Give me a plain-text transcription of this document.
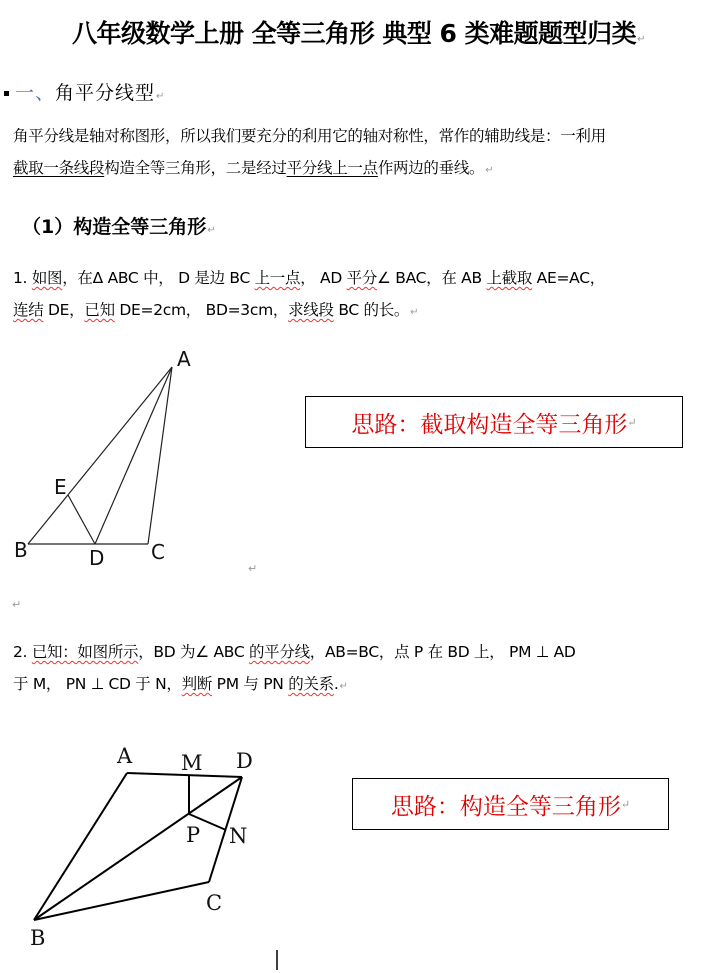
八年级数学上册 全等三角形 典型 6 类难题题型归类↵
一、角平分线型↵
角平分线是轴对称图形，所以我们要充分的利用它的轴对称性，常作的辅助线是：一利用
截取一条线段构造全等三角形，二是经过平分线上一点作两边的垂线。↵
（1）构造全等三角形↵
1. 如图，在Δ ABC 中， D 是边 BC 上一点， AD 平分∠ BAC，在 AB 上截取 AE=AC，
连结 DE，已知 DE=2cm， BD=3cm，求线段 BC 的长。↵
A
E
B	D C
↵
↵
思路：截取构造全等三角形 ↵
2. 已知：如图所示，BD 为∠ ABC 的平分线，AB=BC，点 P 在 BD 上， PM ⊥ AD
于 M， PN ⊥ CD 于 N，判断 PM 与 PN 的关系.↵
A M D
P N
C
B
思路：构造全等三角形 ↵
